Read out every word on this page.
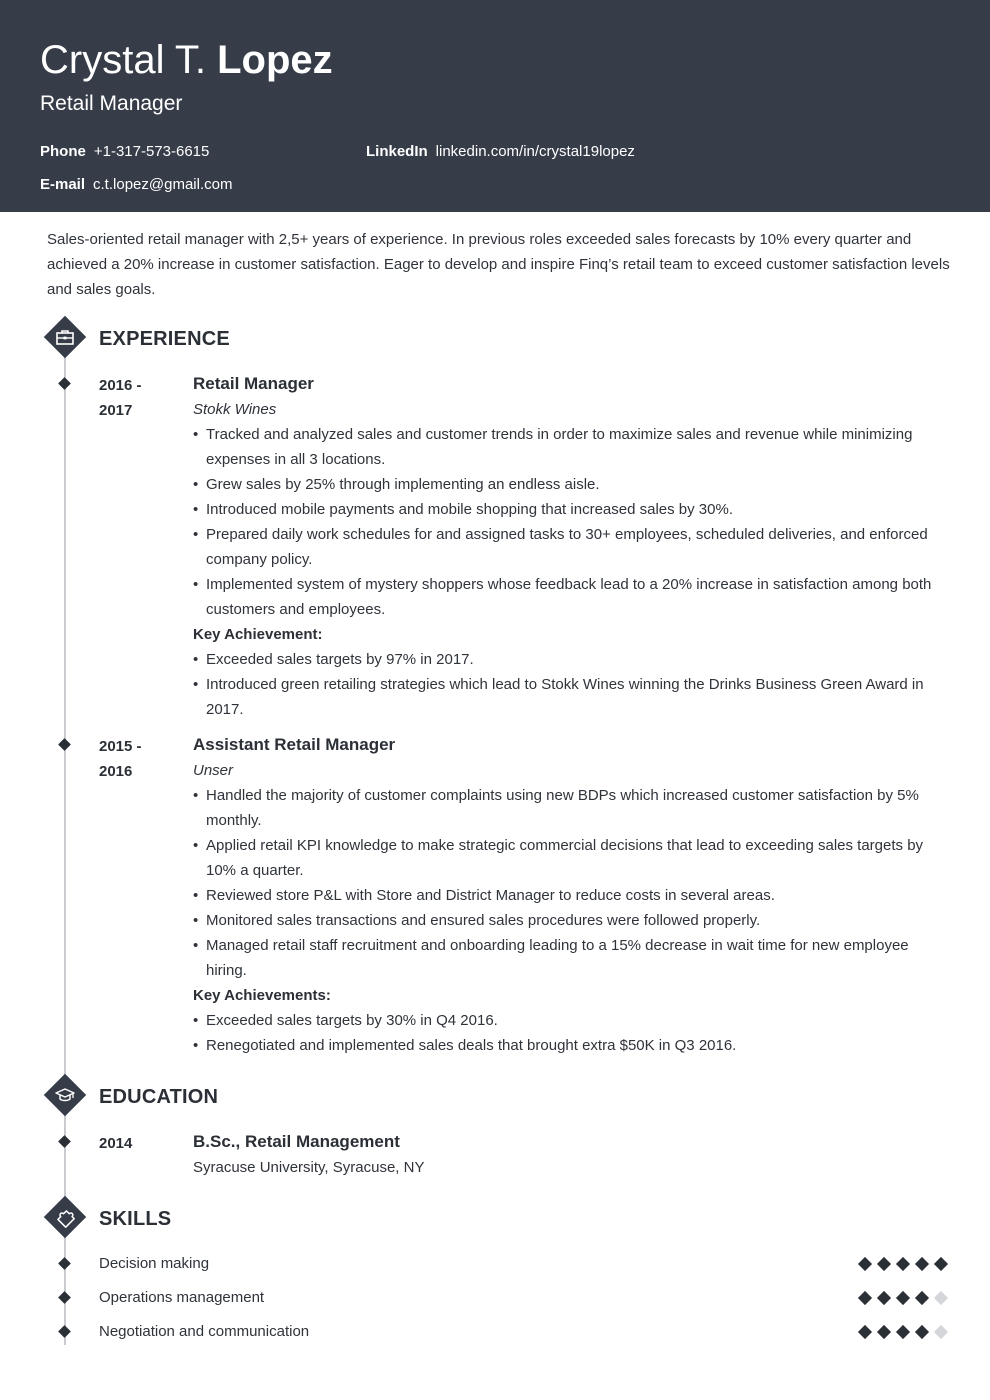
Crystal T. Lopez
Retail Manager
Phone +1-317-573-6615	LinkedIn linkedin.com/in/crystal19lopez
E-mail c.t.lopez@gmail.com
Sales-oriented retail manager with 2,5+ years of experience. In previous roles exceeded sales forecasts by 10% every quarter and achieved a 20% increase in customer satisfaction. Eager to develop and inspire Finq’s retail team to exceed customer satisfaction levels and sales goals.
EXPERIENCE
2016 -
2017
Retail Manager
Stokk Wines
• Tracked and analyzed sales and customer trends in order to maximize sales and revenue while minimizing expenses in all 3 locations.
• Grew sales by 25% through implementing an endless aisle.
• Introduced mobile payments and mobile shopping that increased sales by 30%.
• Prepared daily work schedules for and assigned tasks to 30+ employees, scheduled deliveries, and enforced company policy.
• Implemented system of mystery shoppers whose feedback lead to a 20% increase in satisfaction among both customers and employees.
Key Achievement:
• Exceeded sales targets by 97% in 2017.
• Introduced green retailing strategies which lead to Stokk Wines winning the Drinks Business Green Award in 2017.
2015 -
2016
Assistant Retail Manager
Unser
• Handled the majority of customer complaints using new BDPs which increased customer satisfaction by 5% monthly.
• Applied retail KPI knowledge to make strategic commercial decisions that lead to exceeding sales targets by 10% a quarter.
• Reviewed store P&L with Store and District Manager to reduce costs in several areas.
• Monitored sales transactions and ensured sales procedures were followed properly.
• Managed retail staff recruitment and onboarding leading to a 15% decrease in wait time for new employee hiring.
Key Achievements:
• Exceeded sales targets by 30% in Q4 2016.
• Renegotiated and implemented sales deals that brought extra $50K in Q3 2016.
EDUCATION
2014	B.Sc., Retail Management
Syracuse University, Syracuse, NY
SKILLS
Decision making
Operations management
Negotiation and communication
